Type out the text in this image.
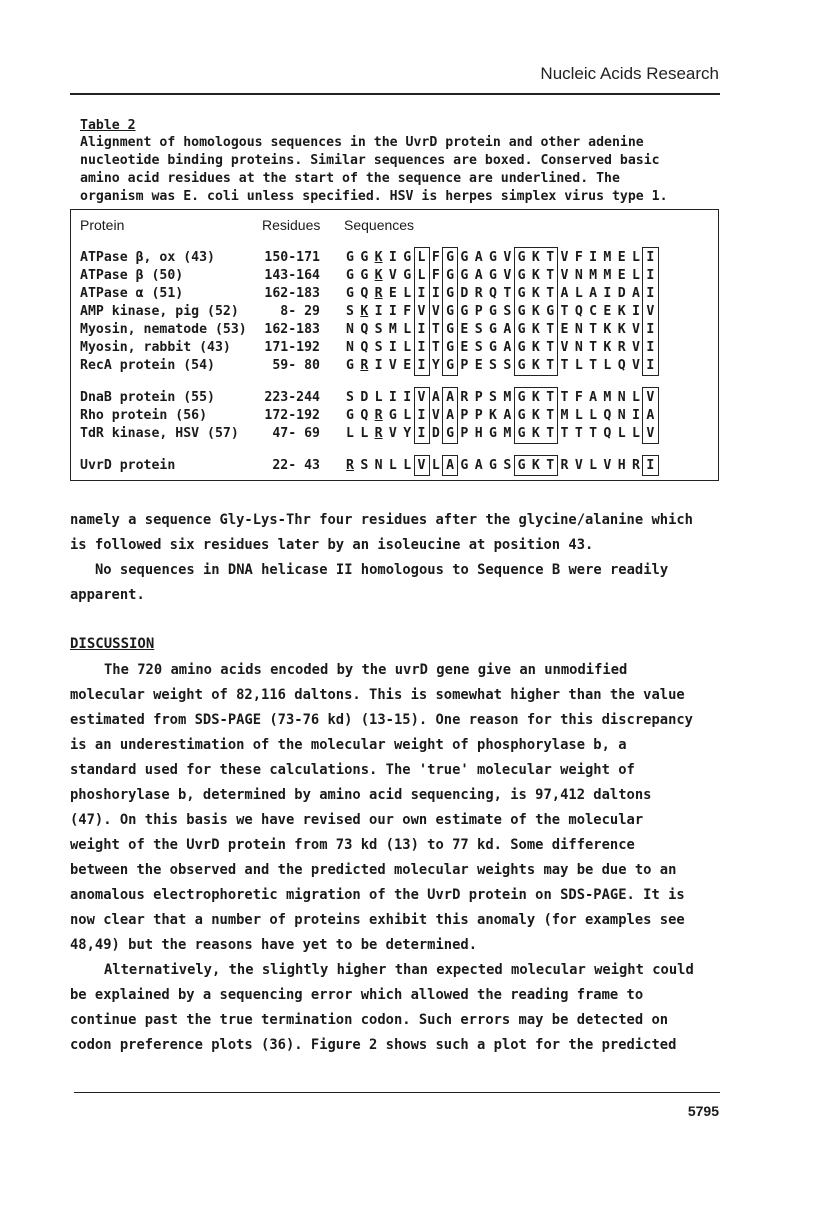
Nucleic Acids Research
Table 2
Alignment of homologous sequences in the UvrD protein and other adenine
nucleotide binding proteins. Similar sequences are boxed. Conserved basic
amino acid residues at the start of the sequence are underlined. The
organism was E. coli unless specified. HSV is herpes simplex virus type 1.
Protein	Residues Sequences
ATPase β, ox (43)	150-171 G G K I G L F G G A G V G K T V F I M E L I
ATPase β (50)	143-164 G G K V G L F G G A G V G K T V N M M E L I
ATPase α (51)	162-183 G Q R E L I I G D R Q T G K T A L A I D A I
AMP kinase, pig (52)	8- 29 S K I I F V V G G P G S G K G T Q C E K I V
Myosin, nematode (53)	162-183 N Q S M L I T G E S G A G K T E N T K K V I
Myosin, rabbit (43)	171-192 N Q S I L I T G E S G A G K T V N T K R V I
RecA protein (54)	59- 80 G R I V E I Y G P E S S G K T T L T L Q V I
DnaB protein (55)	223-244 S D L I I V A A R P S M G K T T F A M N L V
Rho protein (56)	172-192 G Q R G L I V A P P K A G K T M L L Q N I A
TdR kinase, HSV (57)	47- 69 L L R V Y I D G P H G M G K T T T T Q L L V
UvrD protein	22- 43 R S N L L V L A G A G S G K T R V L V H R I
namely a sequence Gly-Lys-Thr four residues after the glycine/alanine which
is followed six residues later by an isoleucine at position 43.
No sequences in DNA helicase II homologous to Sequence B were readily
apparent.
DISCUSSION
The 720 amino acids encoded by the uvrD gene give an unmodified
molecular weight of 82,116 daltons. This is somewhat higher than the value
estimated from SDS-PAGE (73-76 kd) (13-15). One reason for this discrepancy
is an underestimation of the molecular weight of phosphorylase b, a
standard used for these calculations. The 'true' molecular weight of
phoshorylase b, determined by amino acid sequencing, is 97,412 daltons
(47). On this basis we have revised our own estimate of the molecular
weight of the UvrD protein from 73 kd (13) to 77 kd. Some difference
between the observed and the predicted molecular weights may be due to an
anomalous electrophoretic migration of the UvrD protein on SDS-PAGE. It is
now clear that a number of proteins exhibit this anomaly (for examples see
48,49) but the reasons have yet to be determined.
Alternatively, the slightly higher than expected molecular weight could
be explained by a sequencing error which allowed the reading frame to
continue past the true termination codon. Such errors may be detected on
codon preference plots (36). Figure 2 shows such a plot for the predicted
5795
